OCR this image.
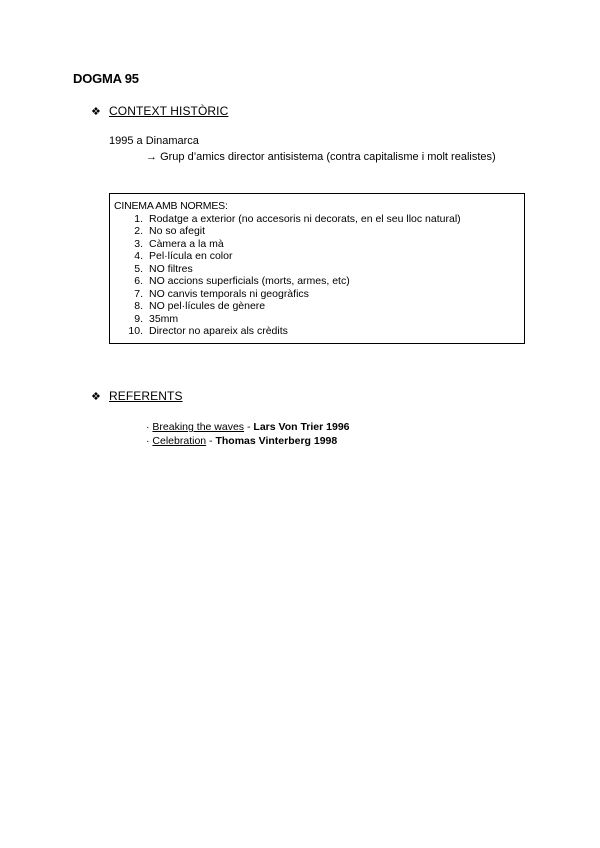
DOGMA 95
❖ CONTEXT HISTÒRIC
1995 a Dinamarca
→ Grup d’amics director antisistema (contra capitalisme i molt realistes)
CINEMA AMB NORMES:
1. Rodatge a exterior (no accesoris ni decorats, en el seu lloc natural)
2. No so afegit
3. Càmera a la mà
4. Pel·lícula en color
5. NO filtres
6. NO accions superficials (morts, armes, etc)
7. NO canvis temporals ni geogràfics
8. NO pel·lícules de gènere
9. 35mm
10. Director no apareix als crèdits
❖ REFERENTS
· Breaking the waves - Lars Von Trier 1996
· Celebration - Thomas Vinterberg 1998
